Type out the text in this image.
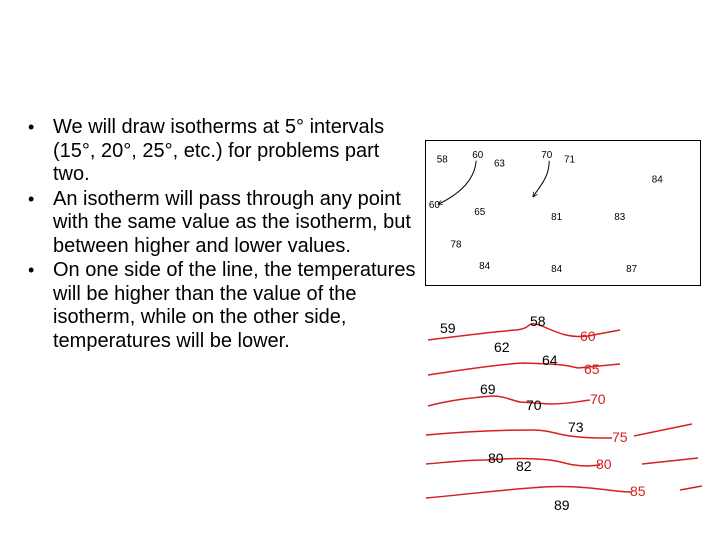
• We will draw isotherms at 5° intervals (15°, 20°, 25°, etc.) for problems part two.
• An isotherm will pass through any point with the same value as the isotherm, but between higher and lower values.
• On one side of the line, the temperatures will be higher than the value of the isotherm, while on the other side, temperatures will be lower.
58 60
63
70 71
60
84
65	81	83
78
84	84	87
59	58
62
64
69
70
73
80 82
89
60
65
70
75
80
85
